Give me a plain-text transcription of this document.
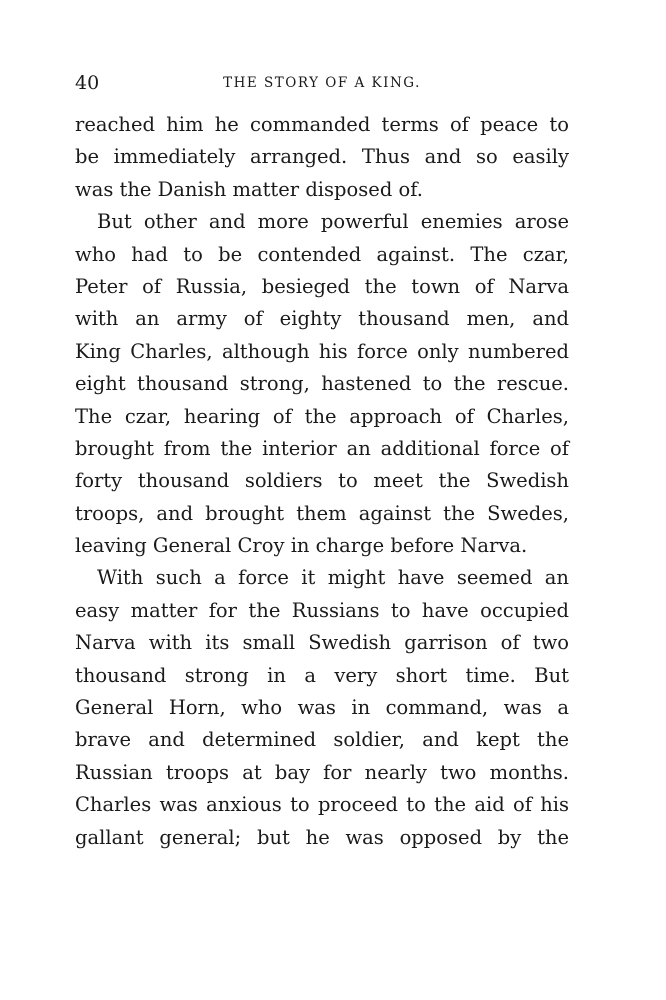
40	THE STORY OF A KING.
reached him he commanded terms of peace to
be immediately arranged. Thus and so easily
was the Danish matter disposed of.
But other and more powerful enemies arose
who had to be contended against. The czar,
Peter of Russia, besieged the town of Narva
with an army of eighty thousand men, and
King Charles, although his force only numbered
eight thousand strong, hastened to the rescue.
The czar, hearing of the approach of Charles,
brought from the interior an additional force of
forty thousand soldiers to meet the Swedish
troops, and brought them against the Swedes,
leaving General Croy in charge before Narva.
With such a force it might have seemed an
easy matter for the Russians to have occupied
Narva with its small Swedish garrison of two
thousand strong in a very short time. But
General Horn, who was in command, was a
brave and determined soldier, and kept the
Russian troops at bay for nearly two months.
Charles was anxious to proceed to the aid of his
gallant general; but he was opposed by the
